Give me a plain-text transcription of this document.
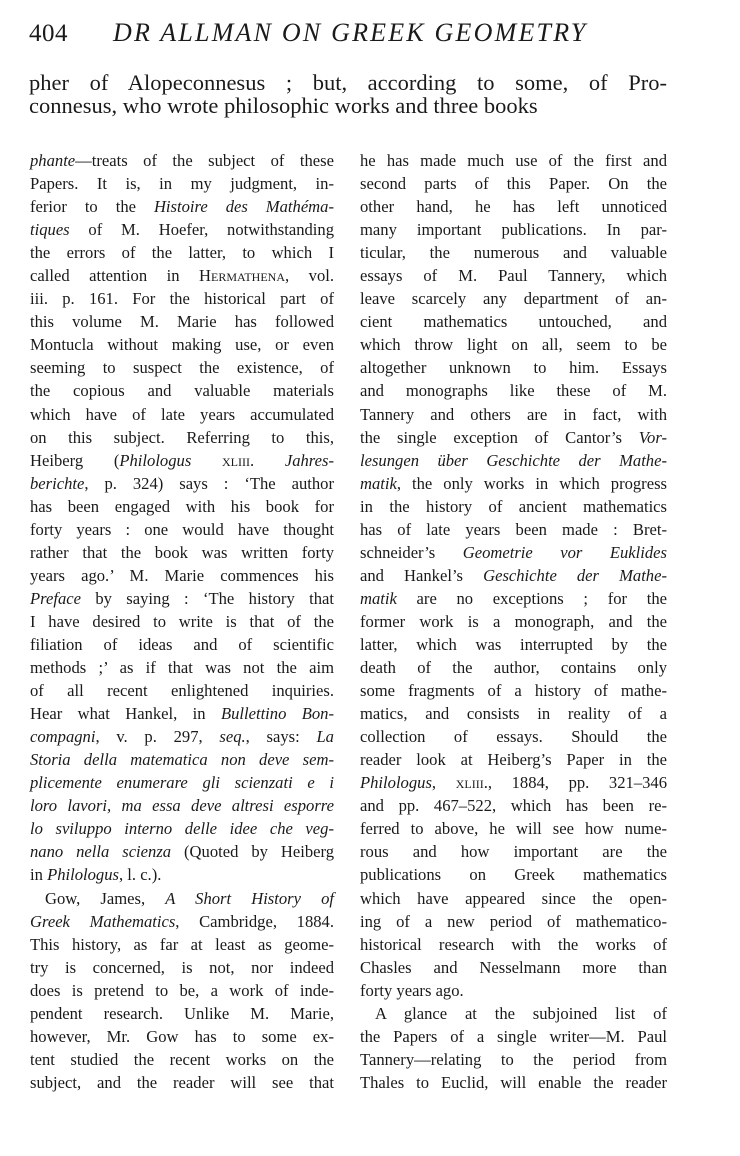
404	DR ALLMAN ON GREEK GEOMETRY
pher of Alopeconnesus ; but, according to some, of Pro-
connesus, who wrote philosophic works and three books
phante—treats of the subject of these
Papers. It is, in my judgment, in-
ferior to the Histoire des Mathéma-
tiques of M. Hoefer, notwithstanding
the errors of the latter, to which I
called attention in Hermathena, vol.
iii. p. 161. For the historical part of
this volume M. Marie has followed
Montucla without making use, or even
seeming to suspect the existence, of
the copious and valuable materials
which have of late years accumulated
on this subject. Referring to this,
Heiberg (Philologus xliii. Jahres-
berichte, p. 324) says : ‘The author
has been engaged with his book for
forty years : one would have thought
rather that the book was written forty
years ago.’ M. Marie commences his
Preface by saying : ‘The history that
I have desired to write is that of the
filiation of ideas and of scientific
methods ;’ as if that was not the aim
of all recent enlightened inquiries.
Hear what Hankel, in Bullettino Bon-
compagni, v. p. 297, seq., says: La
Storia della matematica non deve sem-
plicemente enumerare gli scienzati e i
loro lavori, ma essa deve altresi esporre
lo sviluppo interno delle idee che veg-
nano nella scienza (Quoted by Heiberg
in Philologus, l. c.).
Gow, James, A Short History of
Greek Mathematics, Cambridge, 1884.
This history, as far at least as geome-
try is concerned, is not, nor indeed
does is pretend to be, a work of inde-
pendent research. Unlike M. Marie,
however, Mr. Gow has to some ex-
tent studied the recent works on the
subject, and the reader will see that
he has made much use of the first and
second parts of this Paper. On the
other hand, he has left unnoticed
many important publications. In par-
ticular, the numerous and valuable
essays of M. Paul Tannery, which
leave scarcely any department of an-
cient mathematics untouched, and
which throw light on all, seem to be
altogether unknown to him. Essays
and monographs like these of M.
Tannery and others are in fact, with
the single exception of Cantor’s Vor-
lesungen über Geschichte der Mathe-
matik, the only works in which progress
in the history of ancient mathematics
has of late years been made : Bret-
schneider’s Geometrie vor Euklides
and Hankel’s Geschichte der Mathe-
matik are no exceptions ; for the
former work is a monograph, and the
latter, which was interrupted by the
death of the author, contains only
some fragments of a history of mathe-
matics, and consists in reality of a
collection of essays. Should the
reader look at Heiberg’s Paper in the
Philologus, xliii., 1884, pp. 321–346
and pp. 467–522, which has been re-
ferred to above, he will see how nume-
rous and how important are the
publications on Greek mathematics
which have appeared since the open-
ing of a new period of mathematico-
historical research with the works of
Chasles and Nesselmann more than
forty years ago.
A glance at the subjoined list of
the Papers of a single writer—M. Paul
Tannery—relating to the period from
Thales to Euclid, will enable the reader
